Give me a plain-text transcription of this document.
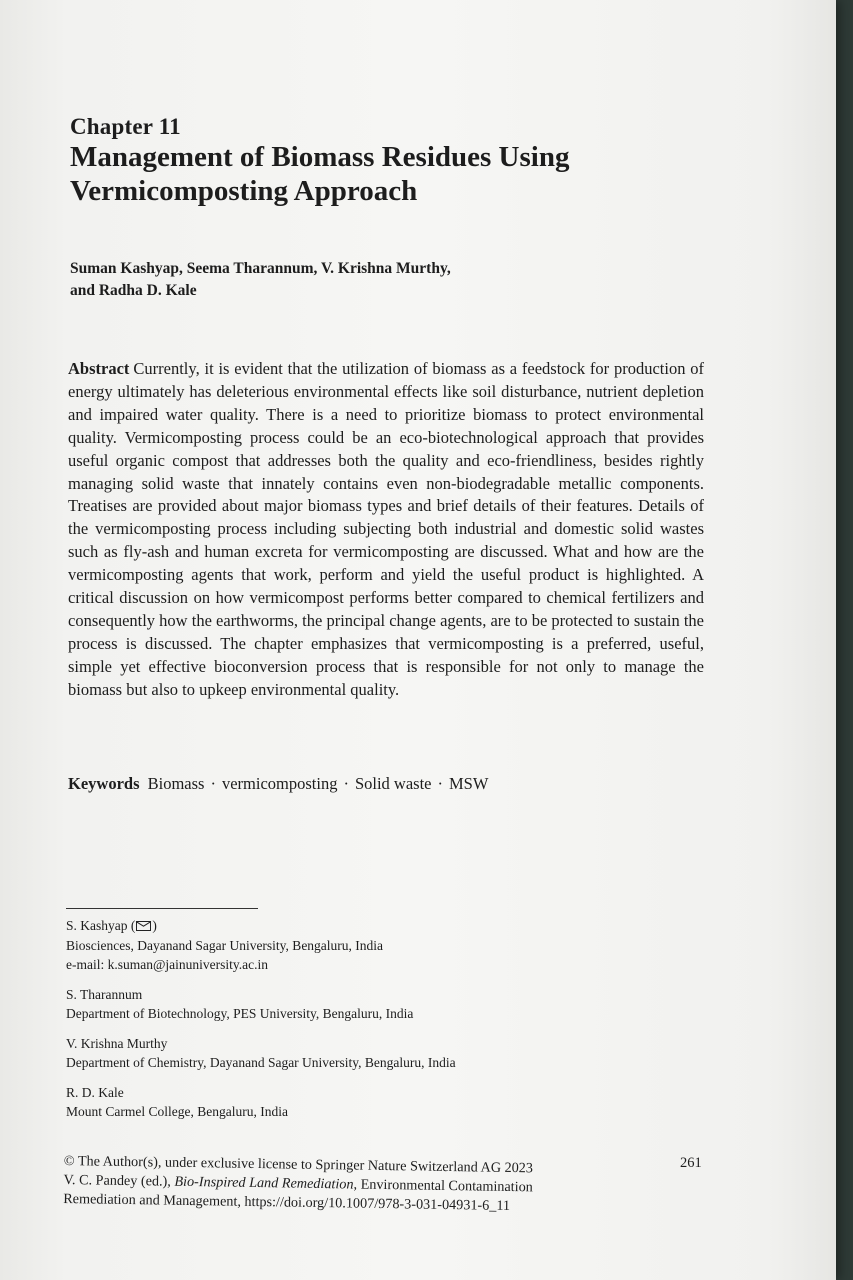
Chapter 11
Management of Biomass Residues Using Vermicomposting Approach
Suman Kashyap, Seema Tharannum, V. Krishna Murthy,
and Radha D. Kale
Abstract Currently, it is evident that the utilization of biomass as a feedstock for production of energy ultimately has deleterious environmental effects like soil disturbance, nutrient depletion and impaired water quality. There is a need to prioritize biomass to protect environmental quality. Vermicomposting process could be an eco-biotechnological approach that provides useful organic compost that addresses both the quality and eco-friendliness, besides rightly managing solid waste that innately contains even non-biodegradable metallic components. Treatises are provided about major biomass types and brief details of their features. Details of the vermicomposting process including subjecting both industrial and domestic solid wastes such as fly-ash and human excreta for vermicomposting are discussed. What and how are the vermicomposting agents that work, perform and yield the useful product is highlighted. A critical discussion on how vermicompost performs better compared to chemical fertilizers and consequently how the earthworms, the principal change agents, are to be protected to sustain the process is discussed. The chapter emphasizes that vermicomposting is a preferred, useful, simple yet effective bioconversion process that is responsible for not only to manage the biomass but also to upkeep environmental quality.
Keywords Biomass · vermicomposting · Solid waste · MSW
S. Kashyap ( )
Biosciences, Dayanand Sagar University, Bengaluru, India
e-mail: k.suman@jainuniversity.ac.in
S. Tharannum
Department of Biotechnology, PES University, Bengaluru, India
V. Krishna Murthy
Department of Chemistry, Dayanand Sagar University, Bengaluru, India
R. D. Kale
Mount Carmel College, Bengaluru, India
© The Author(s), under exclusive license to Springer Nature Switzerland AG 2023
V. C. Pandey (ed.), Bio-Inspired Land Remediation, Environmental Contamination
Remediation and Management, https://doi.org/10.1007/978-3-031-04931-6_11
261
